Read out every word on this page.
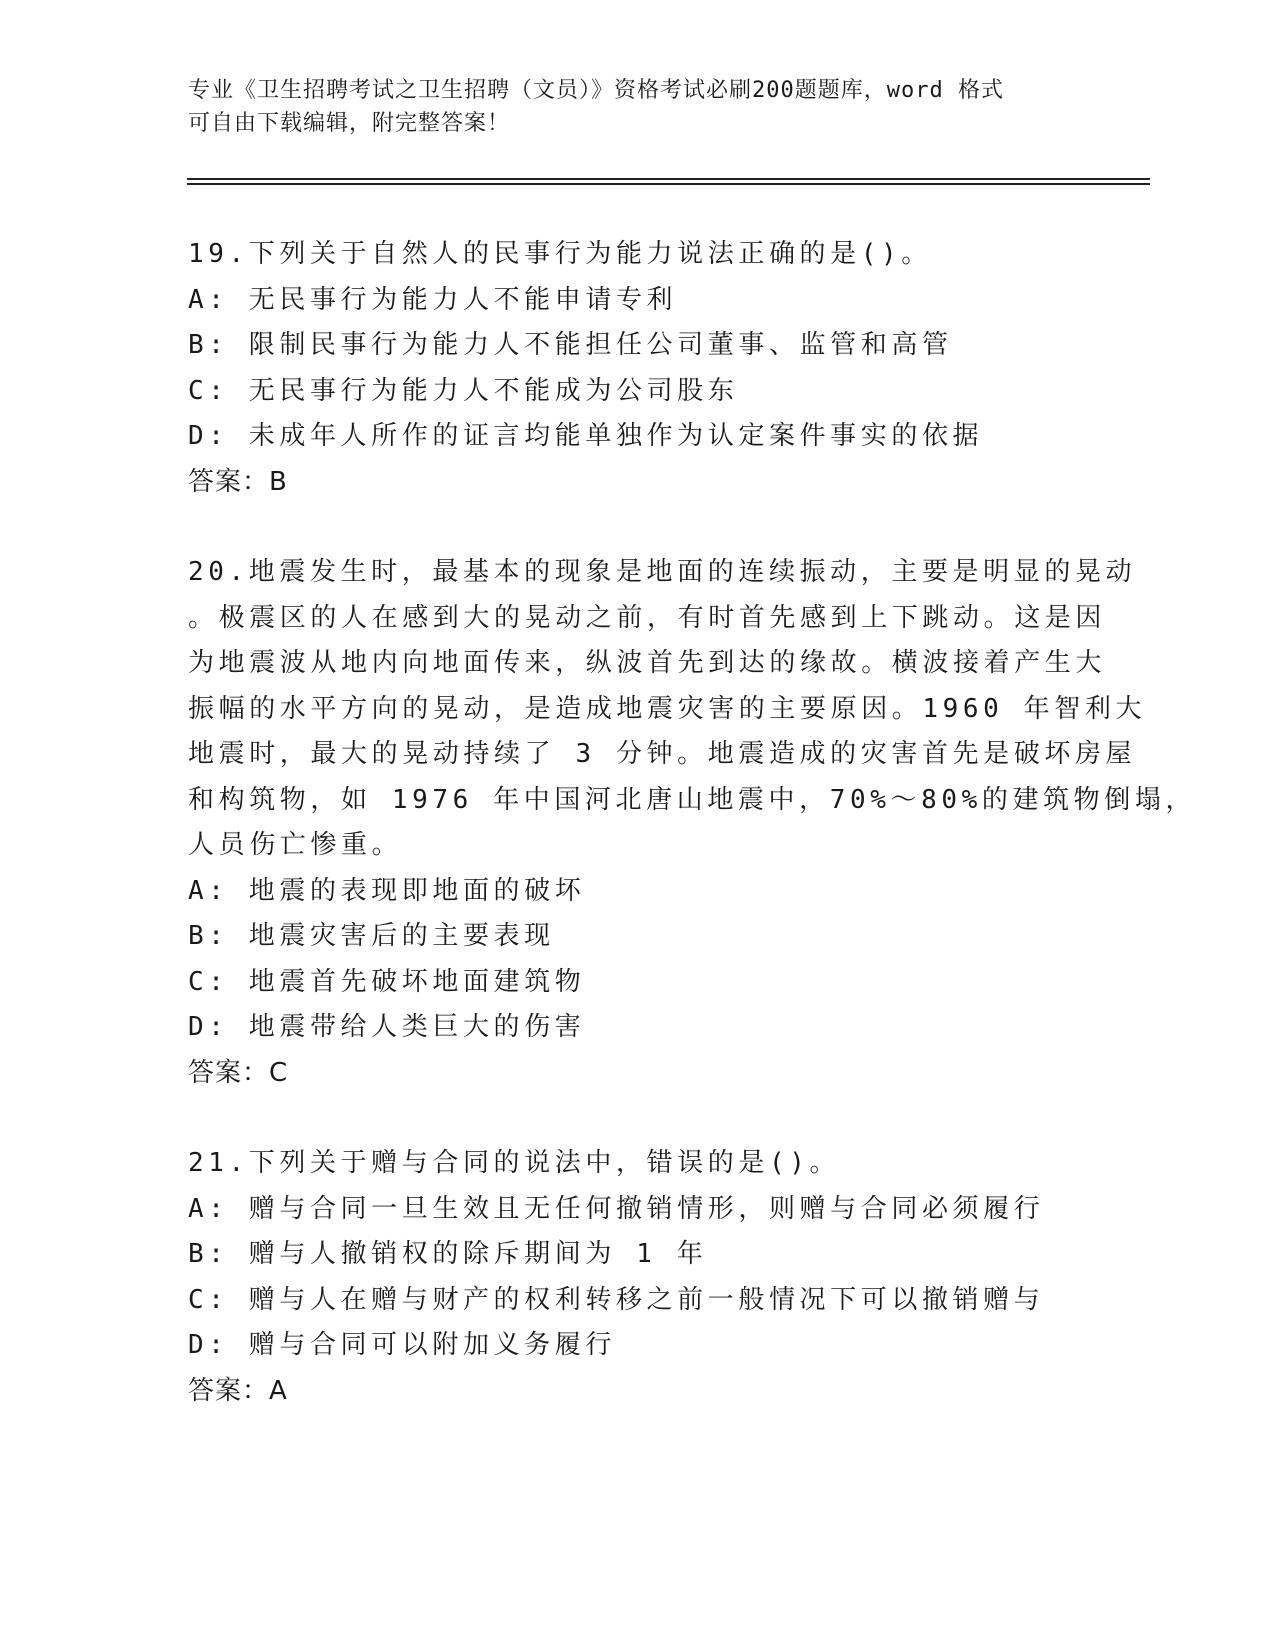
专业《卫生招聘考试之卫生招聘（文员）》资格考试必刷200题题库，word 格式
可自由下载编辑，附完整答案！
19.下列关于自然人的民事行为能力说法正确的是()。
A: 无民事行为能力人不能申请专利
B: 限制民事行为能力人不能担任公司董事、监管和高管
C: 无民事行为能力人不能成为公司股东
D: 未成年人所作的证言均能单独作为认定案件事实的依据
答案：B
20.地震发生时，最基本的现象是地面的连续振动，主要是明显的晃动
。极震区的人在感到大的晃动之前，有时首先感到上下跳动。这是因
为地震波从地内向地面传来，纵波首先到达的缘故。横波接着产生大
振幅的水平方向的晃动，是造成地震灾害的主要原因。1960 年智利大
地震时，最大的晃动持续了 3 分钟。地震造成的灾害首先是破坏房屋
和构筑物，如 1976 年中国河北唐山地震中，70%～80%的建筑物倒塌，
人员伤亡惨重。
A: 地震的表现即地面的破坏
B: 地震灾害后的主要表现
C: 地震首先破坏地面建筑物
D: 地震带给人类巨大的伤害
答案：C
21.下列关于赠与合同的说法中，错误的是()。
A: 赠与合同一旦生效且无任何撤销情形，则赠与合同必须履行
B: 赠与人撤销权的除斥期间为 1 年
C: 赠与人在赠与财产的权利转移之前一般情况下可以撤销赠与
D: 赠与合同可以附加义务履行
答案：A
